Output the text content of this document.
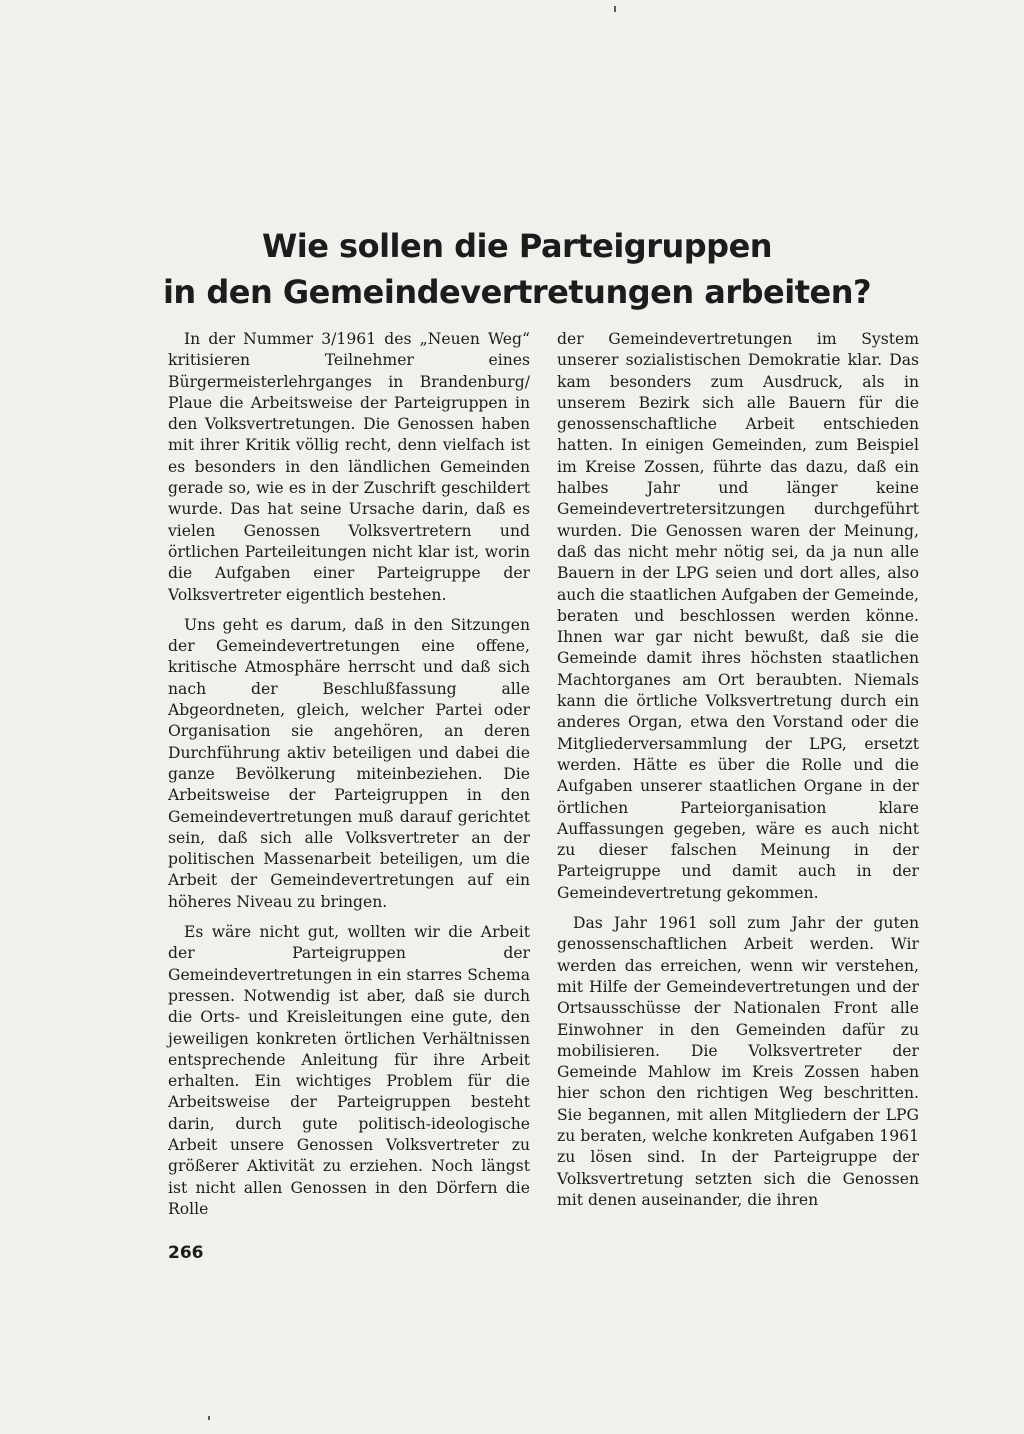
Wie sollen die Parteigruppen
in den Gemeindevertretungen arbeiten?

In der Nummer 3/1961 des „Neuen Weg“ kritisieren Teilnehmer eines Bürgermeisterlehrganges in Brandenburg/ Plaue die Arbeitsweise der Parteigruppen in den Volksvertretungen. Die Genossen haben mit ihrer Kritik völlig recht, denn vielfach ist es besonders in den ländlichen Gemeinden gerade so, wie es in der Zuschrift geschildert wurde. Das hat seine Ursache darin, daß es vielen Genossen Volksvertretern und örtlichen Parteileitungen nicht klar ist, worin die Aufgaben einer Parteigruppe der Volksvertreter eigentlich bestehen.

Uns geht es darum, daß in den Sitzungen der Gemeindevertretungen eine offene, kritische Atmosphäre herrscht und daß sich nach der Beschlußfassung alle Abgeordneten, gleich, welcher Partei oder Organisation sie angehören, an deren Durchführung aktiv beteiligen und dabei die ganze Bevölkerung miteinbeziehen. Die Arbeitsweise der Parteigruppen in den Gemeindevertretungen muß darauf gerichtet sein, daß sich alle Volksvertreter an der politischen Massenarbeit beteiligen, um die Arbeit der Gemeindevertretungen auf ein höheres Niveau zu bringen.

Es wäre nicht gut, wollten wir die Arbeit der Parteigruppen der Gemeindevertretungen in ein starres Schema pressen. Notwendig ist aber, daß sie durch die Orts- und Kreisleitungen eine gute, den jeweiligen konkreten örtlichen Verhältnissen entsprechende Anleitung für ihre Arbeit erhalten. Ein wichtiges Problem für die Arbeitsweise der Parteigruppen besteht darin, durch gute politisch-ideologische Arbeit unsere Genossen Volksvertreter zu größerer Aktivität zu erziehen. Noch längst ist nicht allen Genossen in den Dörfern die Rolle

der Gemeindevertretungen im System unserer sozialistischen Demokratie klar. Das kam besonders zum Ausdruck, als in unserem Bezirk sich alle Bauern für die genossenschaftliche Arbeit entschieden hatten. In einigen Gemeinden, zum Beispiel im Kreise Zossen, führte das dazu, daß ein halbes Jahr und länger keine Gemeindevertretersitzungen durchgeführt wurden. Die Genossen waren der Meinung, daß das nicht mehr nötig sei, da ja nun alle Bauern in der LPG seien und dort alles, also auch die staatlichen Aufgaben der Gemeinde, beraten und beschlossen werden könne. Ihnen war gar nicht bewußt, daß sie die Gemeinde damit ihres höchsten staatlichen Machtorganes am Ort beraubten. Niemals kann die örtliche Volksvertretung durch ein anderes Organ, etwa den Vorstand oder die Mitgliederversammlung der LPG, ersetzt werden. Hätte es über die Rolle und die Aufgaben unserer staatlichen Organe in der örtlichen Parteiorganisation klare Auffassungen gegeben, wäre es auch nicht zu dieser falschen Meinung in der Parteigruppe und damit auch in der Gemeindevertretung gekommen.

Das Jahr 1961 soll zum Jahr der guten genossenschaftlichen Arbeit werden. Wir werden das erreichen, wenn wir verstehen, mit Hilfe der Gemeindevertretungen und der Ortsausschüsse der Nationalen Front alle Einwohner in den Gemeinden dafür zu mobilisieren. Die Volksvertreter der Gemeinde Mahlow im Kreis Zossen haben hier schon den richtigen Weg beschritten. Sie begannen, mit allen Mitgliedern der LPG zu beraten, welche konkreten Aufgaben 1961 zu lösen sind. In der Parteigruppe der Volksvertretung setzten sich die Genossen mit denen auseinander, die ihren

266
